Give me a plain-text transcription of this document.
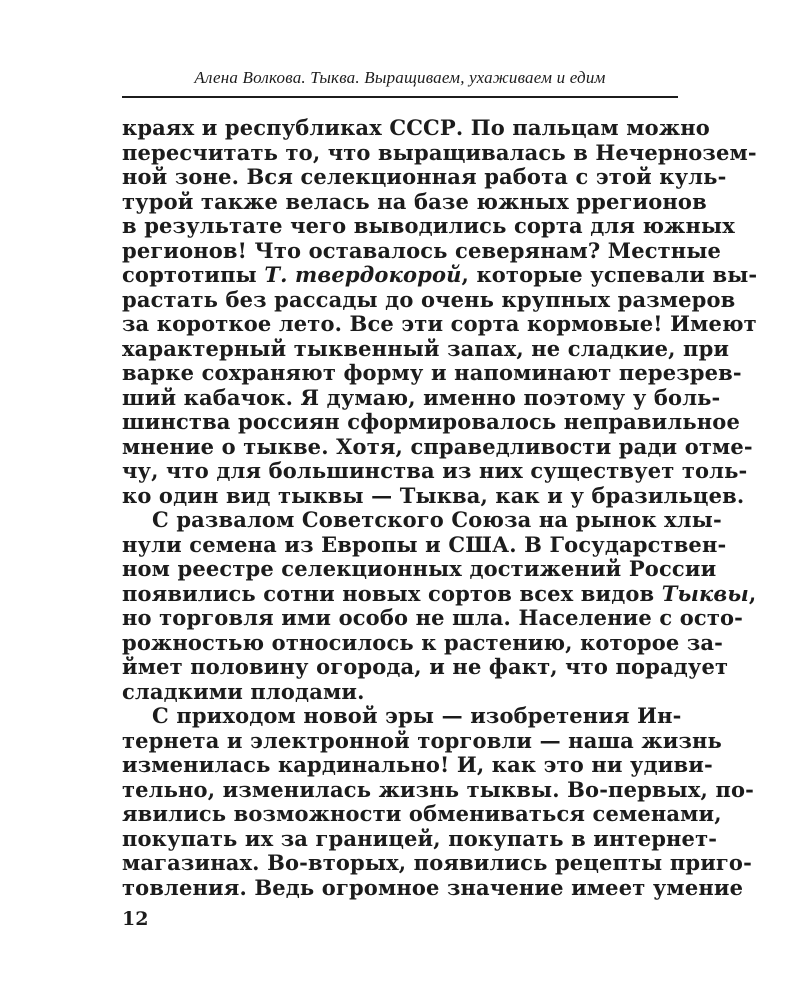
Алена Волкова. Тыква. Выращиваем, ухаживаем и едим
краях и республиках СССР. По пальцам можно
пересчитать то, что выращивалась в Нечернозем-
ной зоне. Вся селекционная работа с этой куль-
турой также велась на базе южных ррегионов
в результате чего выводились сорта для южных
регионов! Что оставалось северянам? Местные
сортотипы Т. твердокорой, которые успевали вы-
растать без рассады до очень крупных размеров
за короткое лето. Все эти сорта кормовые! Имеют
характерный тыквенный запах, не сладкие, при
варке сохраняют форму и напоминают перезрев-
ший кабачок. Я думаю, именно поэтому у боль-
шинства россиян сформировалось неправильное
мнение о тыкве. Хотя, справедливости ради отме-
чу, что для большинства из них существует толь-
ко один вид тыквы — Тыква, как и у бразильцев.
С развалом Советского Союза на рынок хлы-
нули семена из Европы и США. В Государствен-
ном реестре селекционных достижений России
появились сотни новых сортов всех видов Тыквы,
но торговля ими особо не шла. Население с осто-
рожностью относилось к растению, которое за-
ймет половину огорода, и не факт, что порадует
сладкими плодами.
С приходом новой эры — изобретения Ин-
тернета и электронной торговли — наша жизнь
изменилась кардинально! И, как это ни удиви-
тельно, изменилась жизнь тыквы. Во-первых, по-
явились возможности обмениваться семенами,
покупать их за границей, покупать в интернет-
магазинах. Во-вторых, появились рецепты приго-
товления. Ведь огромное значение имеет умение
12
